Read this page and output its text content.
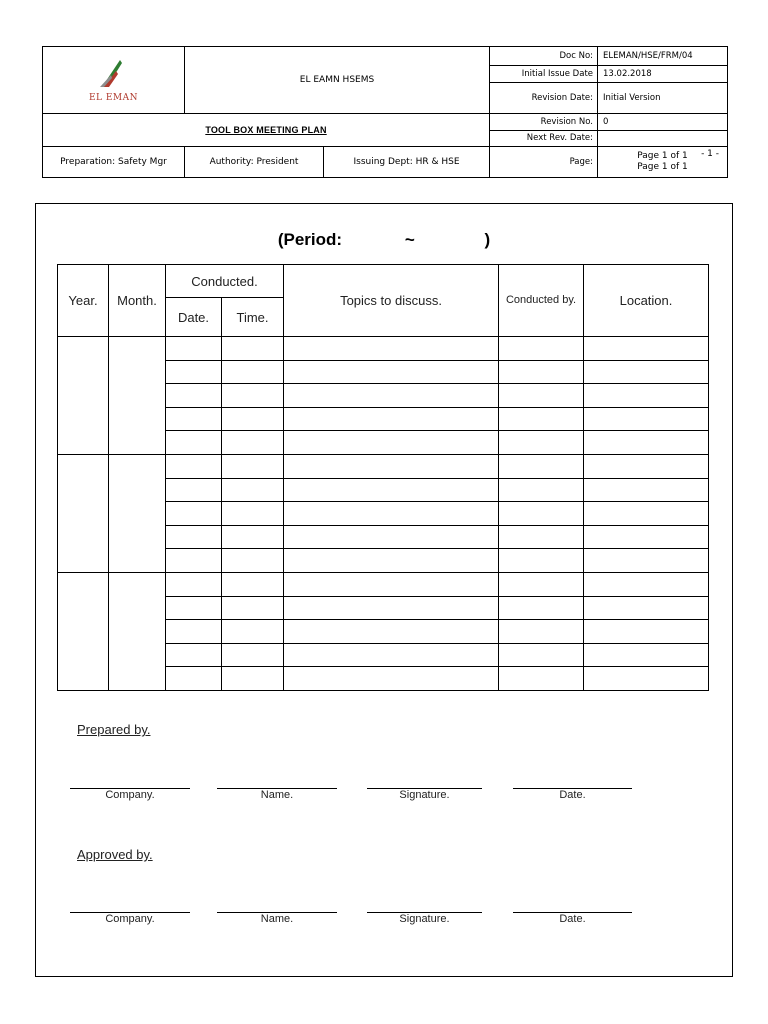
EL EMAN	EL EAMN HSEMS		Doc No:	ELEMAN/HSE/FRM/04
			Initial Issue Date	13.02.2018
			Revision Date:	Initial Version
TOOL BOX MEETING PLAN			Revision No.	0
			Next Rev. Date:	
Preparation: Safety Mgr	Authority: President	Issuing Dept: HR & HSE	Page:	Page 1 of 1
Page 1 of 1
- 1 -
(Period:	~	)
Year.	Month.	Conducted.		Topics to discuss.	Conducted by.	Location.
		Date.	Time.			

Prepared by.
Company.	Name.	Signature.	Date.
Approved by.
Company.	Name.	Signature.	Date.
